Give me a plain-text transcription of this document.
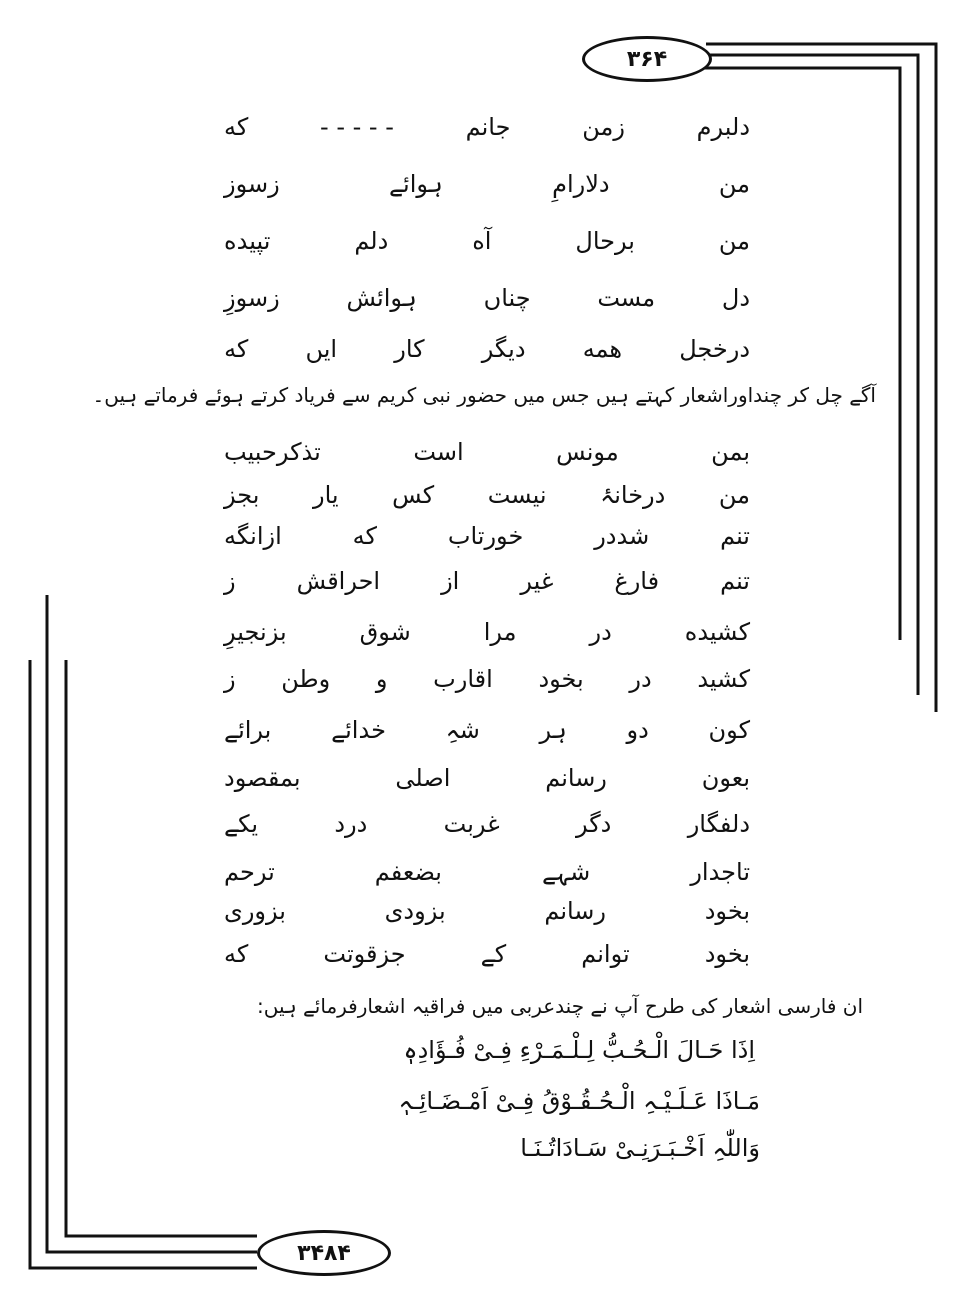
۳۶۴
۳۴۸۴
که	- - - - -	جانم	زمن	دلبرم
زسوز	ہوائے	دلارامِ	من
تپیده	دلم	آه	برحال	من
زسوزِ	ہوائش	چناں	مست	دل
که ایں کار دیگر همه درخجل
آگے چل کر چنداوراشعار کہتے ہیں جس میں حضور نبی کریم سے فریاد کرتے ہوئے فرماتے ہیں۔
تذکرحبیب	است	مونس	بمن
بجز یار کس نیست درخانۂ من
ازانگه	که	خورتاب	شددر	تنم
ز	احراقش	از	غیر	فارغ	تنم
بزنجیرِ	شوق	مرا	در	کشیده
ز وطن و اقارب بخود در کشید
برائے خدائے شہِ ہر دو کون
بمقصود	اصلی	رسانم	بعون
یکے	درد	غربت	دگر	دلفگار
ترحم	بضعفم	شہے	تاجدار
بزوری	بزودی	رسانم	بخود
که	جزقوتت	کے	توانم	بخود
ان فارسی اشعار کی طرح آپ نے چندعربی میں فراقیہ اشعارفرمائے ہیں:
اِذَا حَـالَ الْـحُـبُّ لِـلْـمَـرْءِ فِـیْ فُـؤَادِہٖ
مَـاذَا عَـلَـیْـہِ الْـحُـقُـوْقُ فِـیْ اَمْـضَـائِـہٖ
وَاللّٰہِ اَخْـبَـرَنِـیْ سَـادَاتُـنَـا
